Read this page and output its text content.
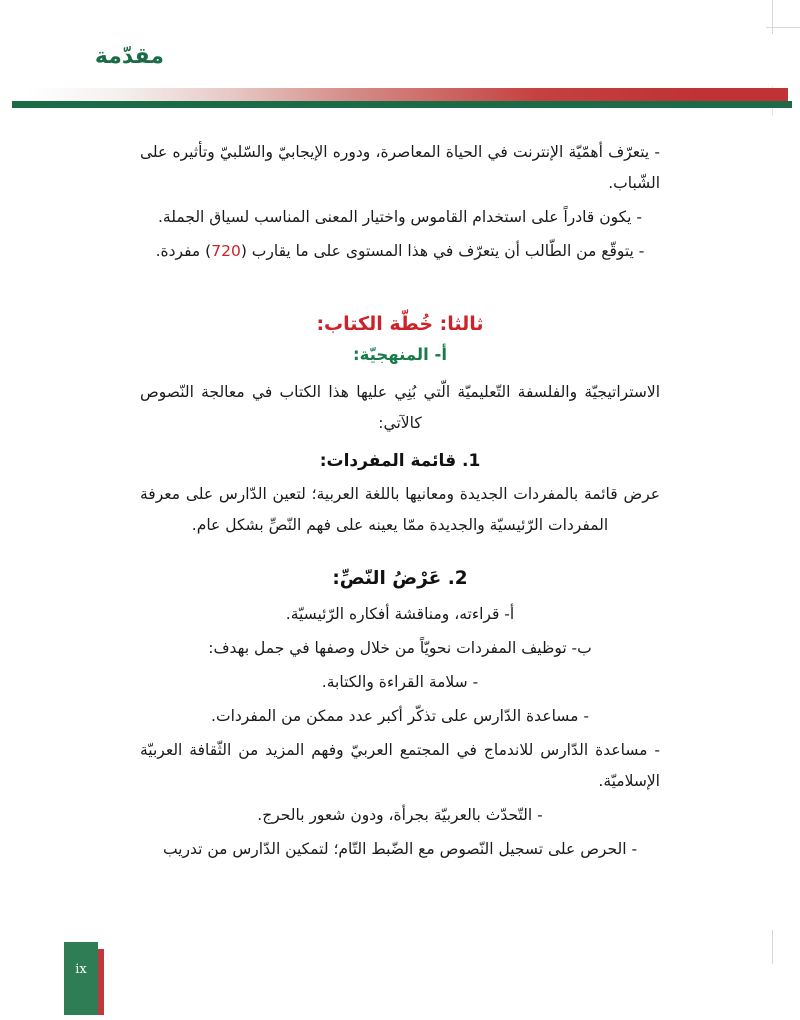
مقدّمة

- يتعرّف أهمّيّة الإنترنت في الحياة المعاصرة، ودوره الإيجابيّ والسّلبيّ وتأثيره على الشّباب.

- يكون قادراً على استخدام القاموس واختيار المعنى المناسب لسياق الجملة.

- يتوقّع من الطّالب أن يتعرّف في هذا المستوى على ما يقارب (720) مفردة.

ثالثا: خُطّة الكتاب:
أ- المنهجيّة:

الاستراتيجيّة والفلسفة التّعليميّة الّتي بُنِي عليها هذا الكتاب في معالجة النّصوص كالآتي:

1. قائمة المفردات:

عرض قائمة بالمفردات الجديدة ومعانيها باللغة العربية؛ لتعين الدّارس على معرفة المفردات الرّئيسيّة والجديدة ممّا يعينه على فهم النّصِّ بشكل عام.

2. عَرْضُ النّصِّ:

أ- قراءته، ومناقشة أفكاره الرّئيسيّة.

ب- توظيف المفردات نحويّاً من خلال وصفها في جمل بهدف:

- سلامة القراءة والكتابة.

- مساعدة الدّارس على تذكّر أكبر عدد ممكن من المفردات.

- مساعدة الدّارس للاندماج في المجتمع العربيّ وفهم المزيد من الثّقافة العربيّة الإسلاميّة.

- التّحدّث بالعربيّة بجرأة، ودون شعور بالحرج.

- الحرص على تسجيل النّصوص مع الضّبط التّام؛ لتمكين الدّارس من تدريب

ix
